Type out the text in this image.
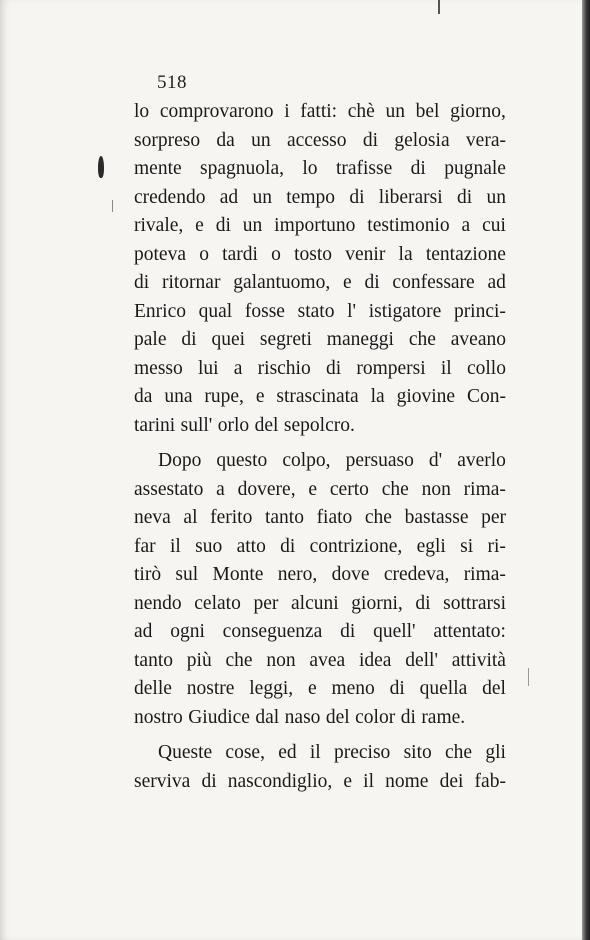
518
lo comprovarono i fatti: chè un bel giorno,
sorpreso da un accesso di gelosia vera-
mente spagnuola, lo trafisse di pugnale
credendo ad un tempo di liberarsi di un
rivale, e di un importuno testimonio a cui
poteva o tardi o tosto venir la tentazione
di ritornar galantuomo, e di confessare ad
Enrico qual fosse stato l' istigatore princi-
pale di quei segreti maneggi che aveano
messo lui a rischio di rompersi il collo
da una rupe, e strascinata la giovine Con-
tarini sull' orlo del sepolcro.
Dopo questo colpo, persuaso d' averlo
assestato a dovere, e certo che non rima-
neva al ferito tanto fiato che bastasse per
far il suo atto di contrizione, egli si ri-
tirò sul Monte nero, dove credeva, rima-
nendo celato per alcuni giorni, di sottrarsi
ad ogni conseguenza di quell' attentato:
tanto più che non avea idea dell' attività
delle nostre leggi, e meno di quella del
nostro Giudice dal naso del color di rame.
Queste cose, ed il preciso sito che gli
serviva di nascondiglio, e il nome dei fab-
